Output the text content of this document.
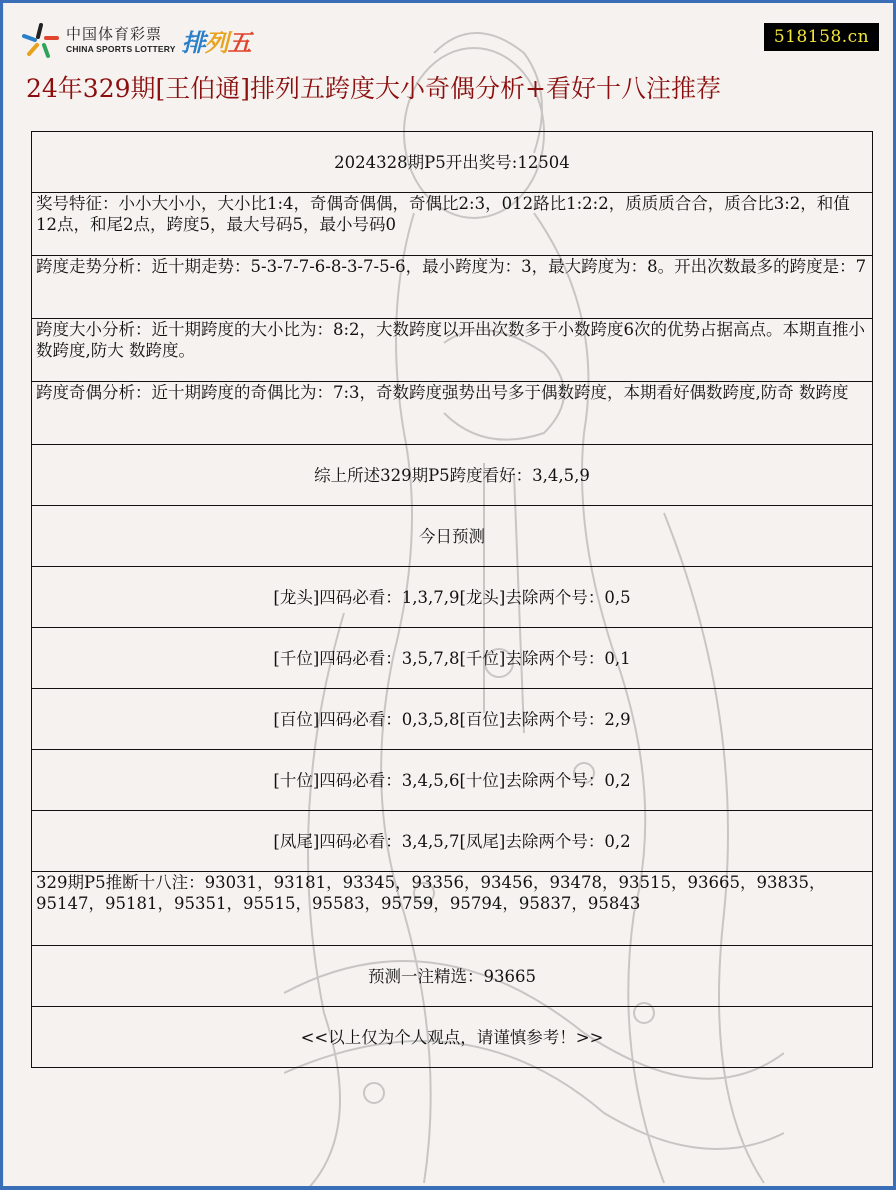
中国体育彩票
CHINA SPORTS LOTTERY 排列五	518158.cn
24年329期[王伯通]排列五跨度大小奇偶分析+看好十八注推荐
2024328期P5开出奖号:12504
奖号特征：小小大小小，大小比1:4，奇偶奇偶偶，奇偶比2:3，012路比1:2:2，质质质合合，质合比3:2，和值12点，和尾2点，跨度5，最大号码5，最小号码0
跨度走势分析：近十期走势：5-3-7-7-6-8-3-7-5-6，最小跨度为：3，最大跨度为：8。开出次数最多的跨度是：7
跨度大小分析：近十期跨度的大小比为：8:2，大数跨度以开出次数多于小数跨度6次的优势占据高点。本期直推小数跨度,防大 数跨度。
跨度奇偶分析：近十期跨度的奇偶比为：7:3，奇数跨度强势出号多于偶数跨度，本期看好偶数跨度,防奇 数跨度
综上所述329期P5跨度看好：3,4,5,9
今日预测
[龙头]四码必看：1,3,7,9[龙头]去除两个号：0,5
[千位]四码必看：3,5,7,8[千位]去除两个号：0,1
[百位]四码必看：0,3,5,8[百位]去除两个号：2,9
[十位]四码必看：3,4,5,6[十位]去除两个号：0,2
[凤尾]四码必看：3,4,5,7[凤尾]去除两个号：0,2
329期P5推断十八注：93031，93181，93345，93356，93456，93478，93515，93665，93835，95147，95181，95351，95515，95583，95759，95794，95837，95843
预测一注精选：93665
<<以上仅为个人观点，请谨慎参考！>>
